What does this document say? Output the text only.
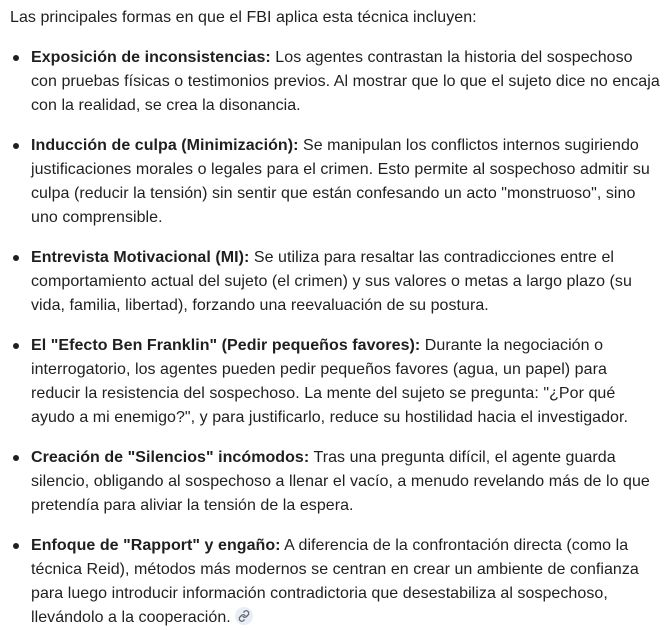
Las principales formas en que el FBI aplica esta técnica incluyen:

Exposición de inconsistencias: Los agentes contrastan la historia del sospechoso con pruebas físicas o testimonios previos. Al mostrar que lo que el sujeto dice no encaja con la realidad, se crea la disonancia.
Inducción de culpa (Minimización): Se manipulan los conflictos internos sugiriendo justificaciones morales o legales para el crimen. Esto permite al sospechoso admitir su culpa (reducir la tensión) sin sentir que están confesando un acto "monstruoso", sino uno comprensible.
Entrevista Motivacional (MI): Se utiliza para resaltar las contradicciones entre el comportamiento actual del sujeto (el crimen) y sus valores o metas a largo plazo (su vida, familia, libertad), forzando una reevaluación de su postura.
El "Efecto Ben Franklin" (Pedir pequeños favores): Durante la negociación o interrogatorio, los agentes pueden pedir pequeños favores (agua, un papel) para reducir la resistencia del sospechoso. La mente del sujeto se pregunta: "¿Por qué ayudo a mi enemigo?", y para justificarlo, reduce su hostilidad hacia el investigador.
Creación de "Silencios" incómodos: Tras una pregunta difícil, el agente guarda silencio, obligando al sospechoso a llenar el vacío, a menudo revelando más de lo que pretendía para aliviar la tensión de la espera.
Enfoque de "Rapport" y engaño: A diferencia de la confrontación directa (como la técnica Reid), métodos más modernos se centran en crear un ambiente de confianza para luego introducir información contradictoria que desestabiliza al sospechoso, llevándolo a la cooperación.
